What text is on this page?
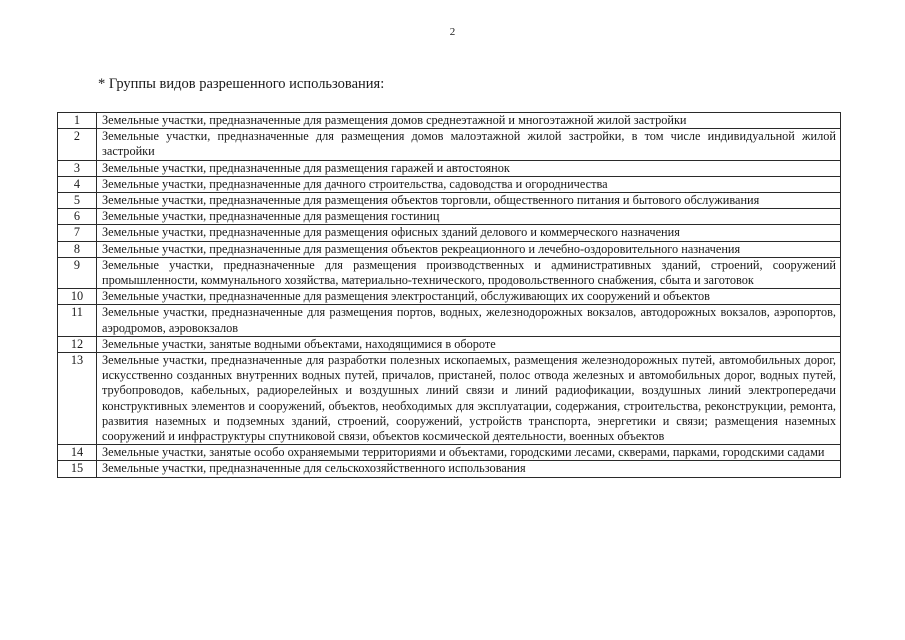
2
* Группы видов разрешенного использования:
1	Земельные участки, предназначенные для размещения домов среднеэтажной и многоэтажной жилой застройки
2	Земельные участки, предназначенные для размещения домов малоэтажной жилой застройки, в том числе индивидуальной жилой застройки
3	Земельные участки, предназначенные для размещения гаражей и автостоянок
4	Земельные участки, предназначенные для дачного строительства, садоводства и огородничества
5	Земельные участки, предназначенные для размещения объектов торговли, общественного питания и бытового обслуживания
6	Земельные участки, предназначенные для размещения гостиниц
7	Земельные участки, предназначенные для размещения офисных зданий делового и коммерческого назначения
8	Земельные участки, предназначенные для размещения объектов рекреационного и лечебно-оздоровительного назначения
9	Земельные участки, предназначенные для размещения производственных и административных зданий, строений, сооружений промышленности, коммунального хозяйства, материально-технического, продовольственного снабжения, сбыта и заготовок
10	Земельные участки, предназначенные для размещения электростанций, обслуживающих их сооружений и объектов
11	Земельные участки, предназначенные для размещения портов, водных, железнодорожных вокзалов, автодорожных вокзалов, аэропортов, аэродромов, аэровокзалов
12	Земельные участки, занятые водными объектами, находящимися в обороте
13	Земельные участки, предназначенные для разработки полезных ископаемых, размещения железнодорожных путей, автомобильных дорог, искусственно созданных внутренних водных путей, причалов, пристаней, полос отвода железных и автомобильных дорог, водных путей, трубопроводов, кабельных, радиорелейных и воздушных линий связи и линий радиофикации, воздушных линий электропередачи конструктивных элементов и сооружений, объектов, необходимых для эксплуатации, содержания, строительства, реконструкции, ремонта, развития наземных и подземных зданий, строений, сооружений, устройств транспорта, энергетики и связи; размещения наземных сооружений и инфраструктуры спутниковой связи, объектов космической деятельности, военных объектов
14	Земельные участки, занятые особо охраняемыми территориями и объектами, городскими лесами, скверами, парками, городскими садами
15	Земельные участки, предназначенные для сельскохозяйственного использования
